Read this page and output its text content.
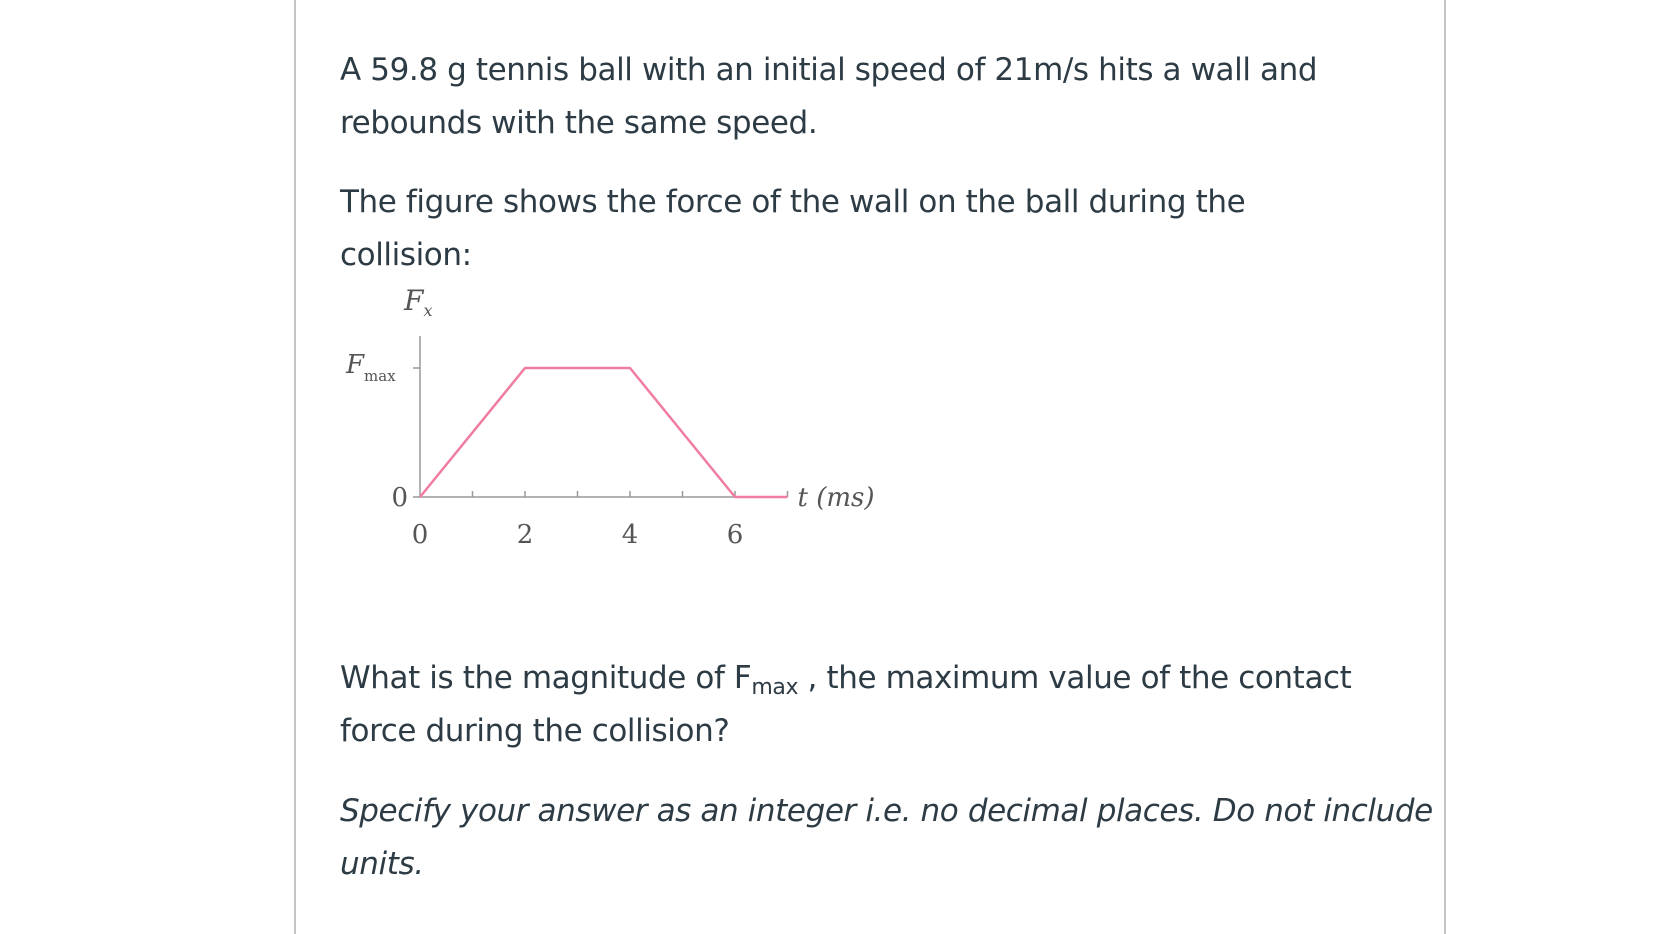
A 59.8 g tennis ball with an initial speed of 21m/s hits a wall and
rebounds with the same speed.

The figure shows the force of the wall on the ball during the
collision:

What is the magnitude of $F_{max}$ , the maximum value of the contact
force during the collision?

Specify your answer as an integer i.e. no decimal places. Do not include
units.

0	2	4	6
$F_x$
$F_{max}$
0	t (ms)
